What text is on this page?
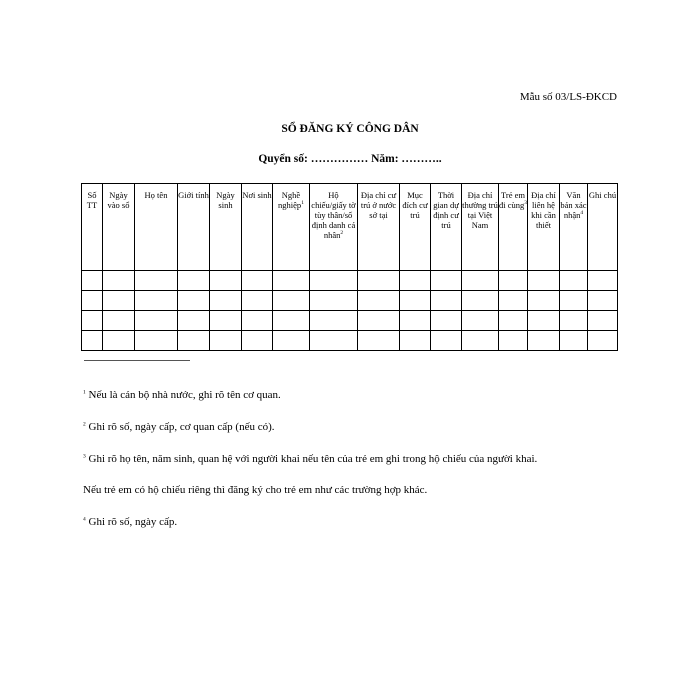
Mẫu số 03/LS-ĐKCD
SỔ ĐĂNG KÝ CÔNG DÂN
Quyển số: …………… Năm: ………..
Số TT	Ngày vào sổ	Họ tên	Giới tính	Ngày sinh	Nơi sinh	Nghề nghiệp$^1$	Hộ chiếu/giấy tờ tùy thân/số định danh cá nhân$^2$	Địa chỉ cư trú ở nước sở tại	Mục đích cư trú	Thời gian dự định cư trú	Địa chỉ thường trú tại Việt Nam	Trẻ em đi cùng$^3$	Địa chỉ liên hệ khi cần thiết	Văn bản xác nhận$^4$	Ghi chú

$^1$ Nếu là cán bộ nhà nước, ghi rõ tên cơ quan.
$^2$ Ghi rõ số, ngày cấp, cơ quan cấp (nếu có).
$^3$ Ghi rõ họ tên, năm sinh, quan hệ với người khai nếu tên của trẻ em ghi trong hộ chiếu của người khai.
Nếu trẻ em có hộ chiếu riêng thì đăng ký cho trẻ em như các trường hợp khác.
$^4$ Ghi rõ số, ngày cấp.
